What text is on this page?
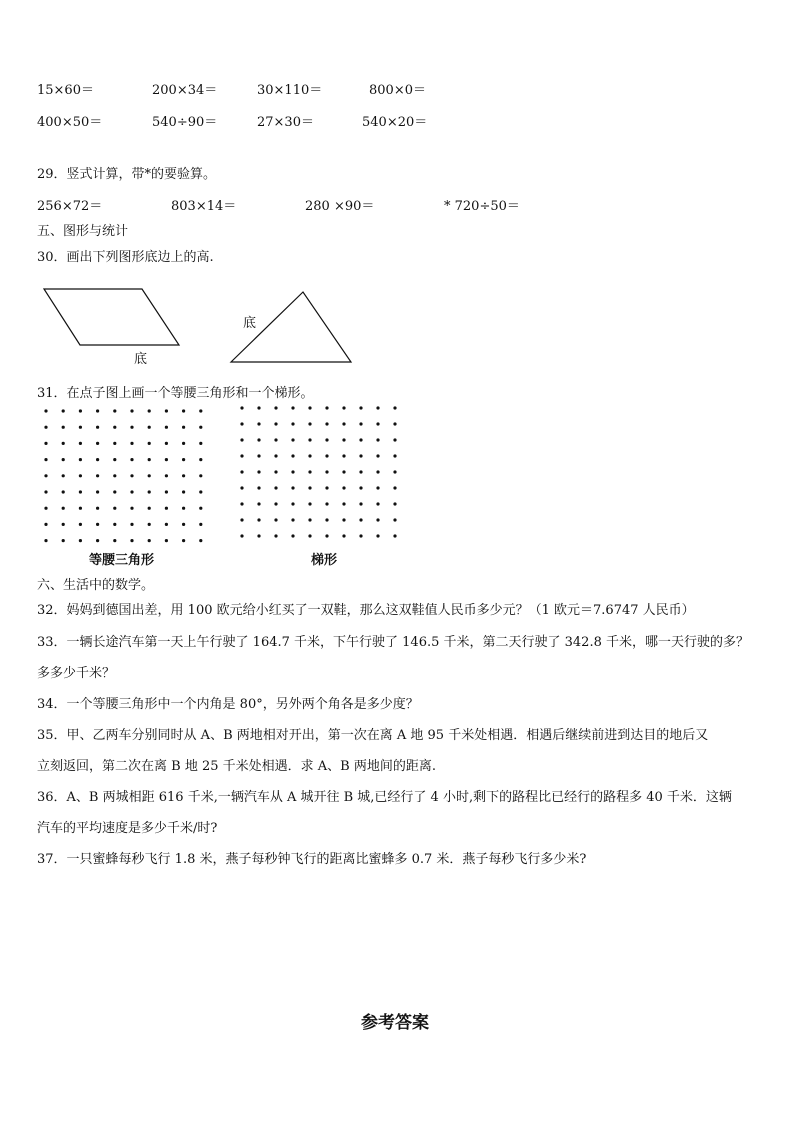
15×60＝	200×34＝	30×110＝	800×0＝
400×50＝	540÷90＝	27×30＝	540×20＝
29．竖式计算，带*的要验算。
256×72＝	803×14＝	280 ×90＝	* 720÷50＝
五、图形与统计
30．画出下列图形底边上的高.
底
底
31．在点子图上画一个等腰三角形和一个梯形。
等腰三角形	梯形
六、生活中的数学。
32．妈妈到德国出差，用 100 欧元给小红买了一双鞋，那么这双鞋值人民币多少元？（1 欧元＝7.6747 人民币）
33．一辆长途汽车第一天上午行驶了 164.7 千米，下午行驶了 146.5 千米，第二天行驶了 342.8 千米，哪一天行驶的多？
多多少千米？
34．一个等腰三角形中一个内角是 80°，另外两个角各是多少度？
35．甲、乙两车分别同时从 A、B 两地相对开出，第一次在离 A 地 95 千米处相遇．相遇后继续前进到达目的地后又
立刻返回，第二次在离 B 地 25 千米处相遇．求 A、B 两地间的距离.
36．A、B 两城相距 616 千米,一辆汽车从 A 城开往 B 城,已经行了 4 小时,剩下的路程比已经行的路程多 40 千米．这辆
汽车的平均速度是多少千米/时?
37．一只蜜蜂每秒飞行 1.8 米，燕子每秒钟飞行的距离比蜜蜂多 0.7 米．燕子每秒飞行多少米?
参考答案
